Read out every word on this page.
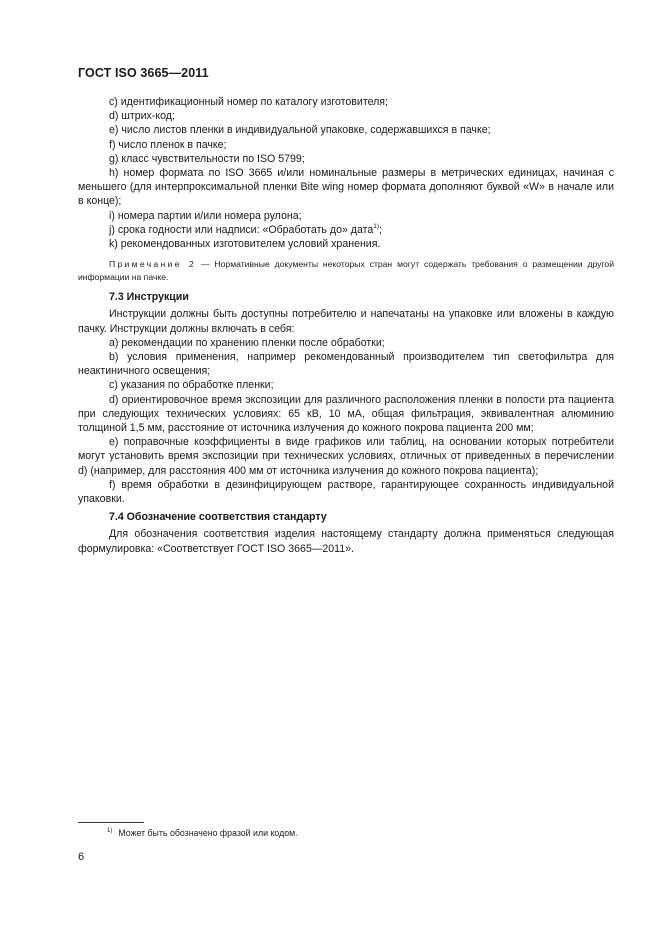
ГОСТ ISO 3665—2011

c) идентификационный номер по каталогу изготовителя;

d) штрих-код;

e) число листов пленки в индивидуальной упаковке, содержавшихся в пачке;

f) число пленок в пачке;

g) класс чувствительности по ISO 5799;

h) номер формата по ISO 3665 и/или номинальные размеры в метрических единицах, начиная с меньшего (для интерпроксимальной пленки Bite wing номер формата дополняют буквой «W» в начале или в конце);

i) номера партии и/или номера рулона;

j) срока годности или надписи: «Обработать до» дата$^{1)}$;

k) рекомендованных изготовителем условий хранения.

Примечание 2 — Нормативные документы некоторых стран могут содержать требования о размещении другой информации на пачке.
7.3 Инструкции

Инструкции должны быть доступны потребителю и напечатаны на упаковке или вложены в каждую пачку. Инструкции должны включать в себя:

a) рекомендации по хранению пленки после обработки;

b) условия применения, например рекомендованный производителем тип светофильтра для неактиничного освещения;

c) указания по обработке пленки;

d) ориентировочное время экспозиции для различного расположения пленки в полости рта пациента при следующих технических условиях: 65 кВ, 10 мА, общая фильтрация, эквивалентная алюминию толщиной 1,5 мм, расстояние от источника излучения до кожного покрова пациента 200 мм;

e) поправочные коэффициенты в виде графиков или таблиц, на основании которых потребители могут установить время экспозиции при технических условиях, отличных от приведенных в перечислении d) (например, для расстояния 400 мм от источника излучения до кожного покрова пациента);

f) время обработки в дезинфицирующем растворе, гарантирующее сохранность индивидуальной упаковки.

7.4 Обозначение соответствия стандарту

Для обозначения соответствия изделия настоящему стандарту должна применяться следующая формулировка: «Соответствует ГОСТ ISO 3665—2011».

$^{1)}$ Может быть обозначено фразой или кодом.
6
